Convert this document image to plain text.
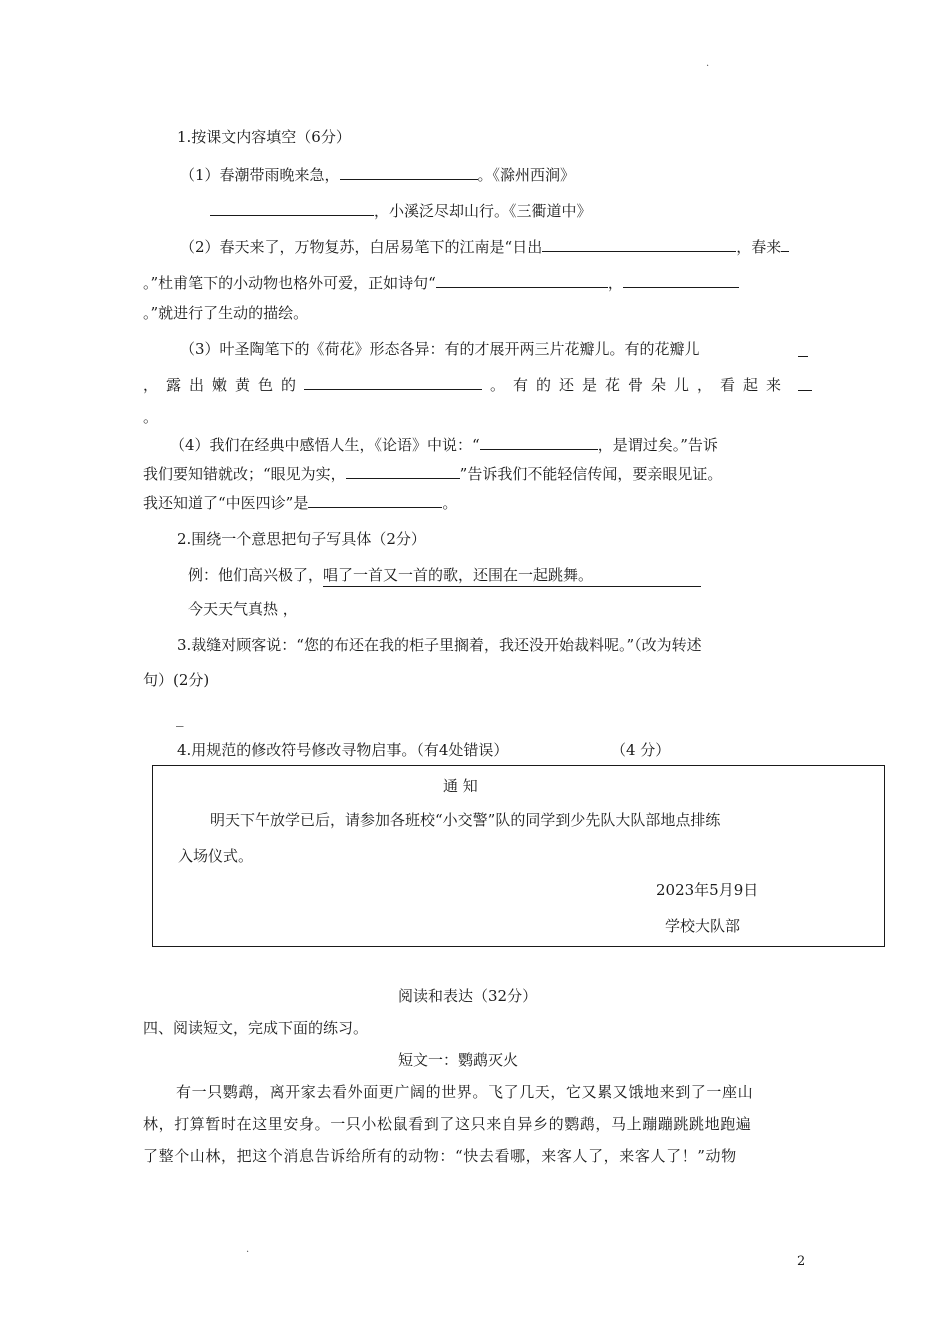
.
.
1.按课文内容填空（6分）
（1）春潮带雨晚来急，	。《滁州西涧》
，小溪泛尽却山行。《三衢道中》
（2）春天来了，万物复苏，白居易笔下的江南是“日出	，春来
。”杜甫笔下的小动物也格外可爱，正如诗句“	，
。”就进行了生动的描绘。
（3）叶圣陶笔下的《荷花》形态各异：有的才展开两三片花瓣儿。有的花瓣儿
，露出嫩黄色的	。有的还是花骨朵儿，看起来
。
（4）我们在经典中感悟人生，《论语》中说：“	，是谓过矣。”告诉
我们要知错就改；“眼见为实，	”告诉我们不能轻信传闻，要亲眼见证。
我还知道了“中医四诊”是	。
2.围绕一个意思把句子写具体（2分）
例：他们高兴极了，唱了一首又一首的歌，还围在一起跳舞。
今天天气真热 ，
3.裁缝对顾客说：“您的布还在我的柜子里搁着，我还没开始裁料呢。”（改为转述
句）(2分)
_
4.用规范的修改符号修改寻物启事。（有4处错误）	（4 分）
通 知
明天下午放学已后，请参加各班校“小交警”队的同学到少先队大队部地点排练
入场仪式。
2023年5月9日
学校大队部
阅读和表达（32分）
四、阅读短文，完成下面的练习。
短文一：鹦鹉灭火
有一只鹦鹉，离开家去看外面更广阔的世界。飞了几天，它又累又饿地来到了一座山
林，打算暂时在这里安身。一只小松鼠看到了这只来自异乡的鹦鹉，马上蹦蹦跳跳地跑遍
了整个山林，把这个消息告诉给所有的动物：“快去看哪，来客人了，来客人了！”动物
2
